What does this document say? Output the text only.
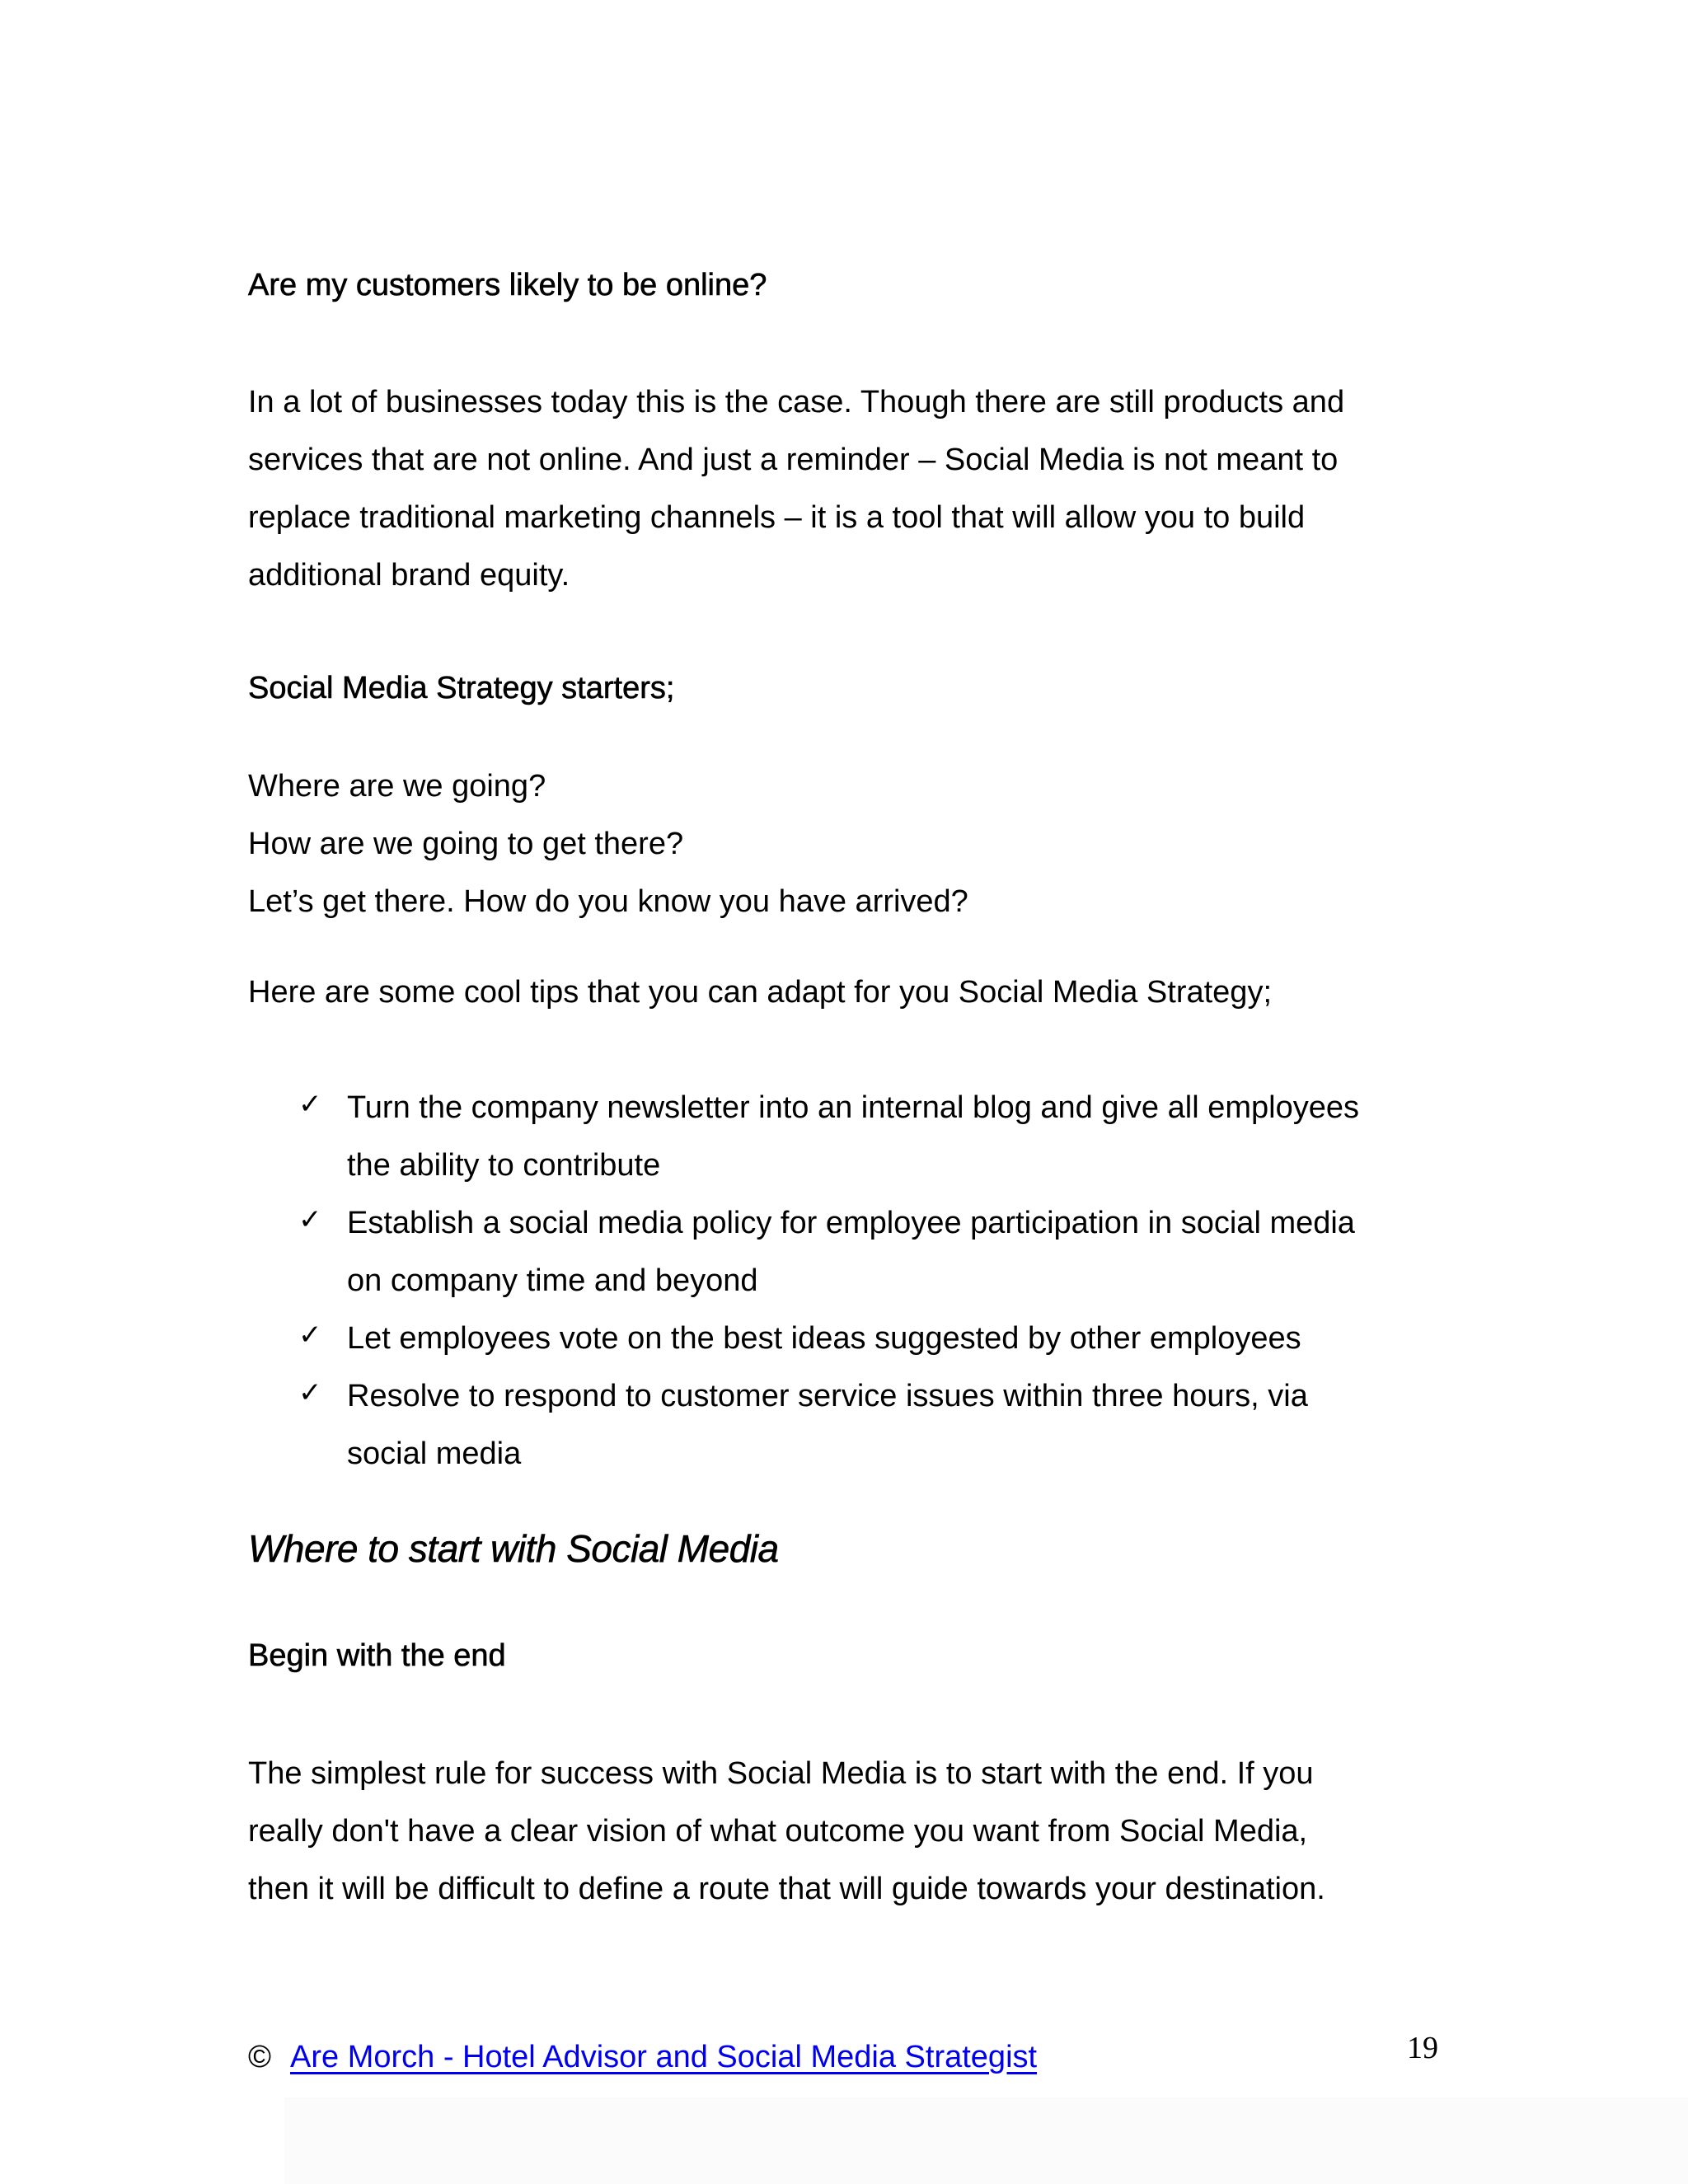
Are my customers likely to be online?

In a lot of businesses today this is the case. Though there are still products and

services that are not online. And just a reminder – Social Media is not meant to

replace traditional marketing channels – it is a tool that will allow you to build

additional brand equity.

Social Media Strategy starters;

Where are we going?

How are we going to get there?

Let’s get there. How do you know you have arrived?

Here are some cool tips that you can adapt for you Social Media Strategy;

✓ Turn the company newsletter into an internal blog and give all employees

the ability to contribute

✓ Establish a social media policy for employee participation in social media

on company time and beyond

✓ Let employees vote on the best ideas suggested by other employees

✓ Resolve to respond to customer service issues within three hours, via

social media

Where to start with Social Media
Begin with the end

The simplest rule for success with Social Media is to start with the end. If you

really don't have a clear vision of what outcome you want from Social Media,

then it will be difficult to define a route that will guide towards your destination.

© Are Morch - Hotel Advisor and Social Media Strategist	19
